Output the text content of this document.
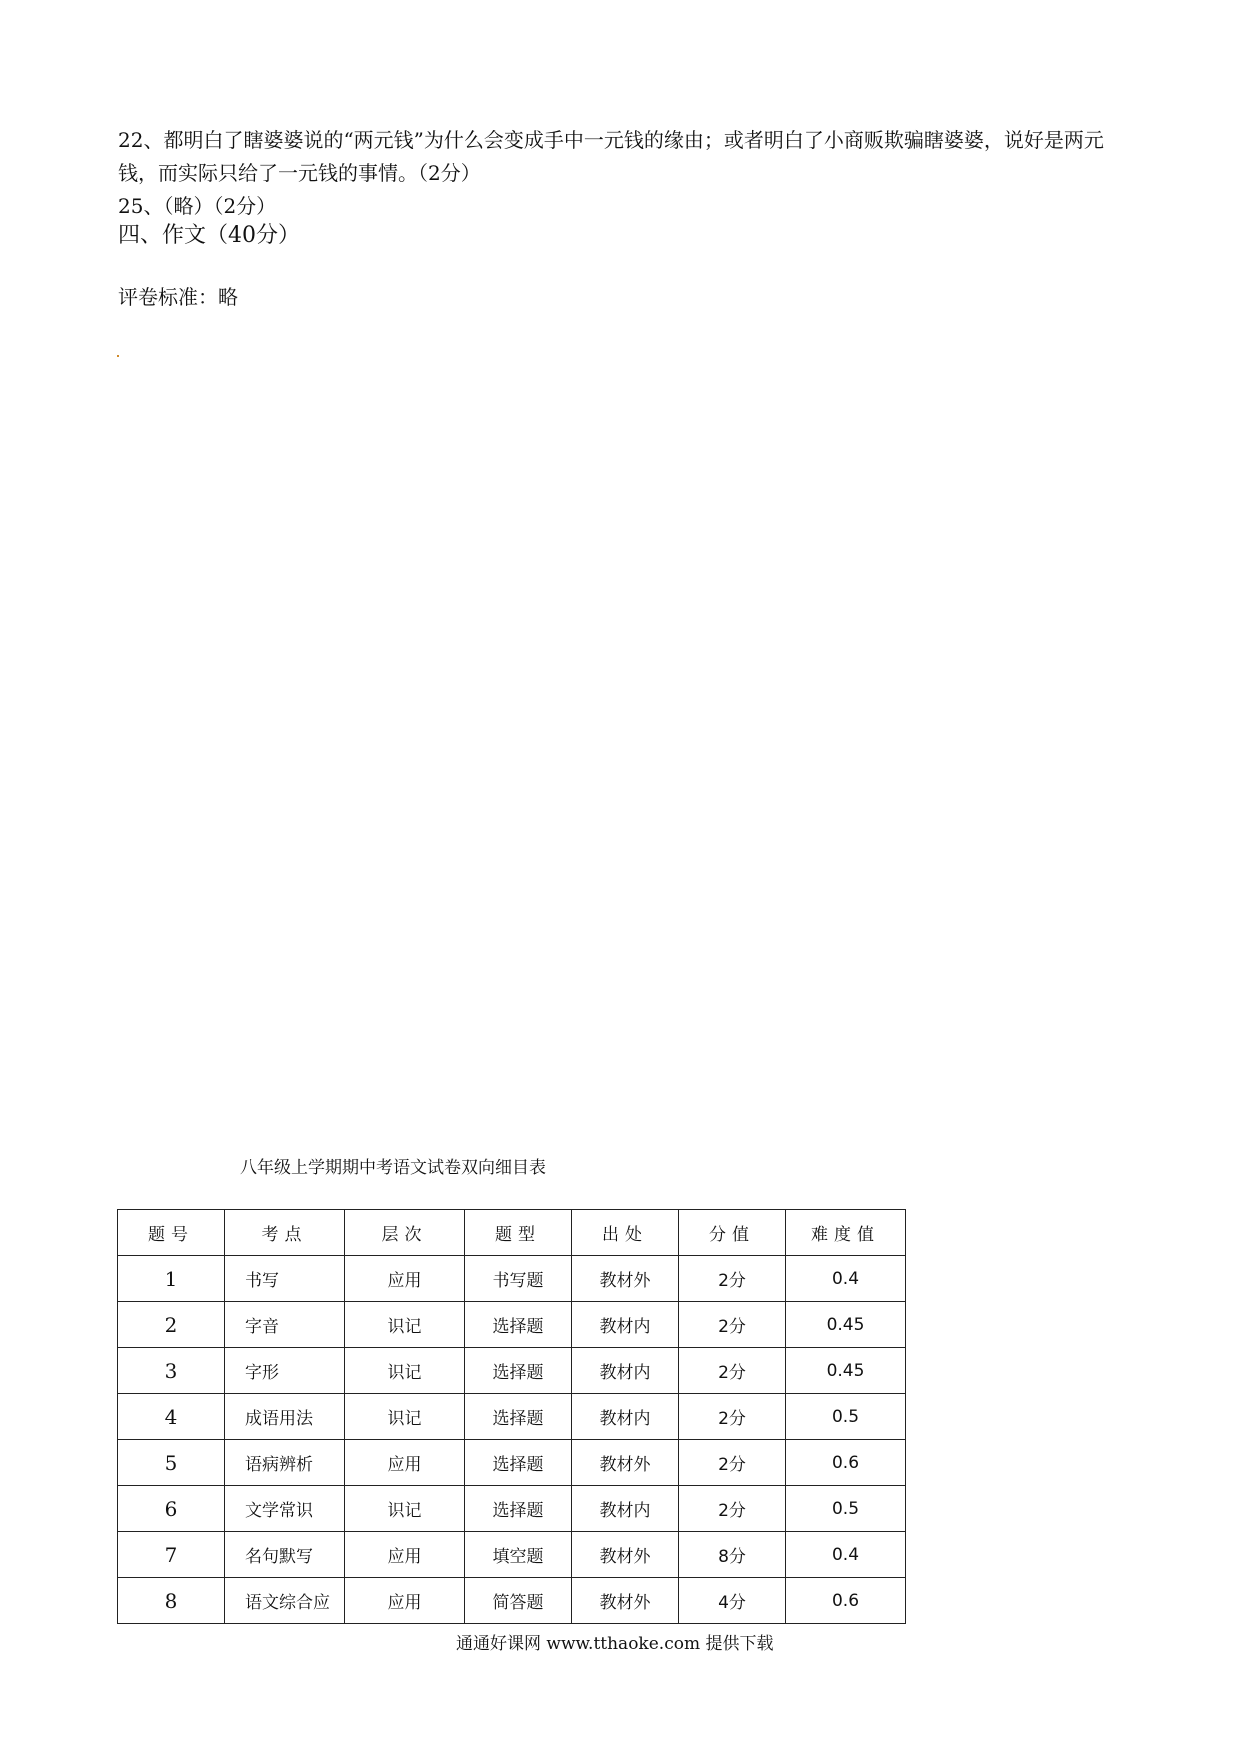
22、都明白了瞎婆婆说的“两元钱”为什么会变成手中一元钱的缘由；或者明白了小商贩欺骗瞎婆婆，说好是两元钱，而实际只给了一元钱的事情。（2分）
25、（略）（2分）
四、作文（40分）
评卷标准：略
八年级上学期期中考语文试卷双向细目表
题号	考点	层次	题型	出处	分值	难度值
1	书写	应用	书写题	教材外	2分	0.4
2	字音	识记	选择题	教材内	2分	0.45
3	字形	识记	选择题	教材内	2分	0.45
4	成语用法	识记	选择题	教材内	2分	0.5
5	语病辨析	应用	选择题	教材外	2分	0.6
6	文学常识	识记	选择题	教材内	2分	0.5
7	名句默写	应用	填空题	教材外	8分	0.4
8	语文综合应	应用	简答题	教材外	4分	0.6
通通好课网 www.tthaoke.com 提供下载
